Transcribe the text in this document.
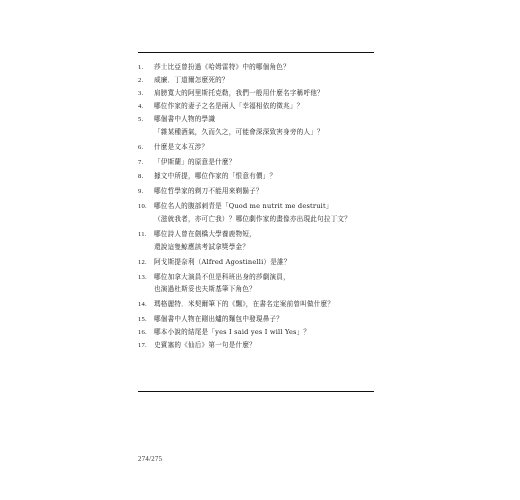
1. 莎士比亞曾扮過《哈姆雷特》中的哪個角色？
2. 威廉．丁道爾怎麼死的？
3. 肩膀寬大的阿里斯托克勒，我們一般用什麼名字稱呼他？
4. 哪位作家的妻子之名是兩人「幸福相依的徵兆」？
5. 哪個書中人物的學識
「雜某種酒氣，久而久之，可能會深深致害身旁的人」？
6. 什麼是文本互涉？
7. 「伊斯蘭」的原意是什麼？
8. 據文中所提，哪位作家的「恨意有價」？
9. 哪位哲學家的剃刀不能用來剃鬍子？
10. 哪位名人的腹部刺青是「Quod me nutrit me destruit」
（滋就我者，亦可亡我）？哪位劇作家的畫像亦出現此句拉丁文？
11. 哪位詩人曾在劍橋大學養鹿物短，
還說這隻鯨應該考試拿獎學金？
12. 阿戈斯提奈利（Alfred Agostinelli）是誰？
13. 哪位加拿大演員不但是科班出身的莎劇演員，
也演過杜斯妥也夫斯基筆下角色？
14. 瑪格麗特．米契爾筆下的《飄》，在書名定案前曾叫做什麼？
15. 哪個書中人物在剛出爐的麵包中發現鼻子？
16. 哪本小說的結尾是「yes I said yes I will Yes」？
17. 史賓塞的《仙后》第一句是什麼？
274/275
